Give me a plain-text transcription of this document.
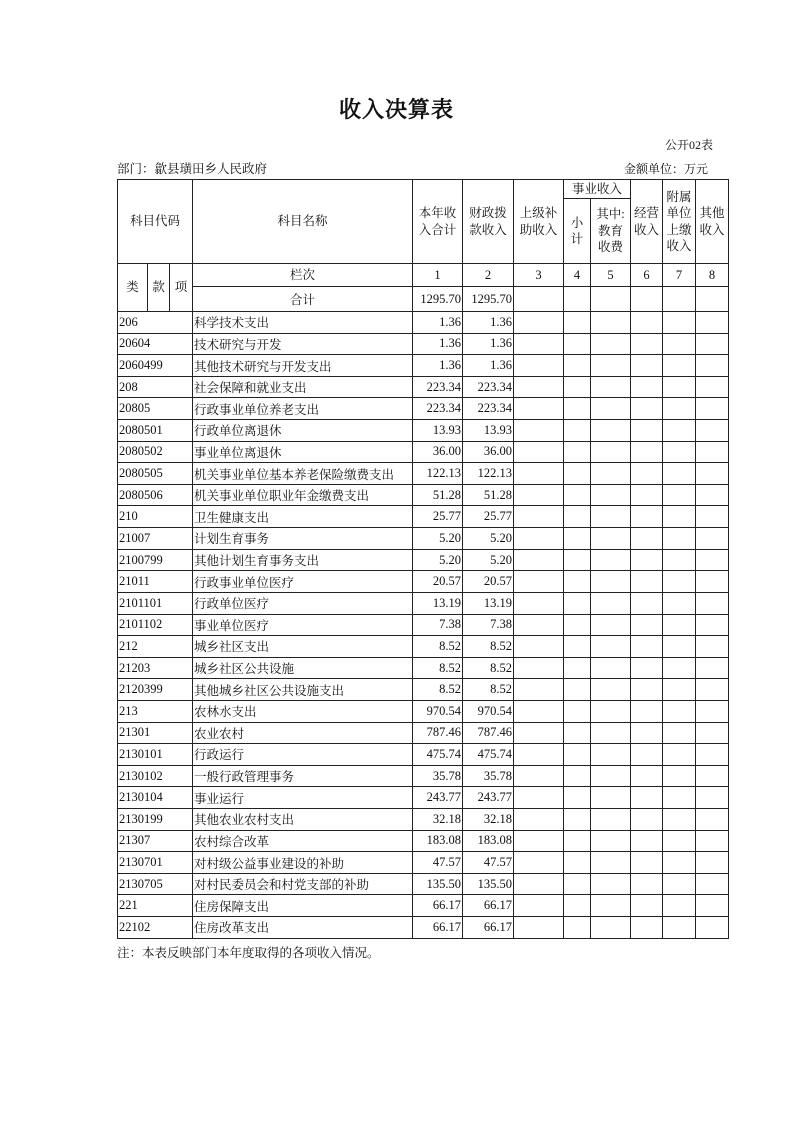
收入决算表
公开02表
部门：歙县璜田乡人民政府	金额单位：万元
科目代码			科目名称	本年收入合计	财政拨款收入	上级补助收入	事业收入		经营收入	附属单位上缴收入	其他收入
							小计	其中:教育收费			
类	款	项	栏次	1	2	3	4	5	6	7	8
			合计	1295.70	1295.70						
206			科学技术支出	1.36	1.36						
20604			技术研究与开发	1.36	1.36						
2060499			其他技术研究与开发支出	1.36	1.36						
208			社会保障和就业支出	223.34	223.34						
20805			行政事业单位养老支出	223.34	223.34						
2080501			行政单位离退休	13.93	13.93						
2080502			事业单位离退休	36.00	36.00						
2080505			机关事业单位基本养老保险缴费支出	122.13	122.13						
2080506			机关事业单位职业年金缴费支出	51.28	51.28						
210			卫生健康支出	25.77	25.77						
21007			计划生育事务	5.20	5.20						
2100799			其他计划生育事务支出	5.20	5.20						
21011			行政事业单位医疗	20.57	20.57						
2101101			行政单位医疗	13.19	13.19						
2101102			事业单位医疗	7.38	7.38						
212			城乡社区支出	8.52	8.52						
21203			城乡社区公共设施	8.52	8.52						
2120399			其他城乡社区公共设施支出	8.52	8.52						
213			农林水支出	970.54	970.54						
21301			农业农村	787.46	787.46						
2130101			行政运行	475.74	475.74						
2130102			一般行政管理事务	35.78	35.78						
2130104			事业运行	243.77	243.77						
2130199			其他农业农村支出	32.18	32.18						
21307			农村综合改革	183.08	183.08						
2130701			对村级公益事业建设的补助	47.57	47.57						
2130705			对村民委员会和村党支部的补助	135.50	135.50						
221			住房保障支出	66.17	66.17						
22102			住房改革支出	66.17	66.17						
注：本表反映部门本年度取得的各项收入情况。
